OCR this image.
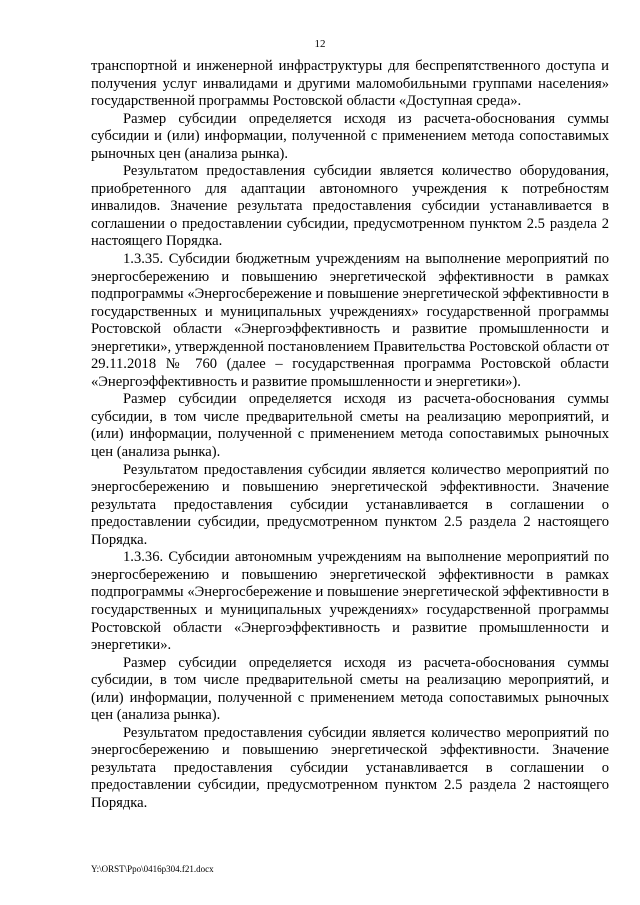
12

транспортной и инженерной инфраструктуры для беспрепятственного доступа и получения услуг инвалидами и другими маломобильными группами населения» государственной программы Ростовской области «Доступная среда».

Размер субсидии определяется исходя из расчета-обоснования суммы субсидии и (или) информации, полученной с применением метода сопоставимых рыночных цен (анализа рынка).

Результатом предоставления субсидии является количество оборудования, приобретенного для адаптации автономного учреждения к потребностям инвалидов. Значение результата предоставления субсидии устанавливается в соглашении о предоставлении субсидии, предусмотренном пунктом 2.5 раздела 2 настоящего Порядка.

1.3.35. Субсидии бюджетным учреждениям на выполнение мероприятий по энергосбережению и повышению энергетической эффективности в рамках подпрограммы «Энергосбережение и повышение энергетической эффективности в государственных и муниципальных учреждениях» государственной программы Ростовской области «Энергоэффективность и развитие промышленности и энергетики», утвержденной постановлением Правительства Ростовской области от 29.11.2018 № 760 (далее – государственная программа Ростовской области «Энергоэффективность и развитие промышленности и энергетики»).

Размер субсидии определяется исходя из расчета-обоснования суммы субсидии, в том числе предварительной сметы на реализацию мероприятий, и (или) информации, полученной с применением метода сопоставимых рыночных цен (анализа рынка).

Результатом предоставления субсидии является количество мероприятий по энергосбережению и повышению энергетической эффективности. Значение результата предоставления субсидии устанавливается в соглашении о предоставлении субсидии, предусмотренном пунктом 2.5 раздела 2 настоящего Порядка.

1.3.36. Субсидии автономным учреждениям на выполнение мероприятий по энергосбережению и повышению энергетической эффективности в рамках подпрограммы «Энергосбережение и повышение энергетической эффективности в государственных и муниципальных учреждениях» государственной программы Ростовской области «Энергоэффективность и развитие промышленности и энергетики».

Размер субсидии определяется исходя из расчета-обоснования суммы субсидии, в том числе предварительной сметы на реализацию мероприятий, и (или) информации, полученной с применением метода сопоставимых рыночных цен (анализа рынка).

Результатом предоставления субсидии является количество мероприятий по энергосбережению и повышению энергетической эффективности. Значение результата предоставления субсидии устанавливается в соглашении о предоставлении субсидии, предусмотренном пунктом 2.5 раздела 2 настоящего Порядка.

Y:\ORST\Ppo\0416p304.f21.docx
